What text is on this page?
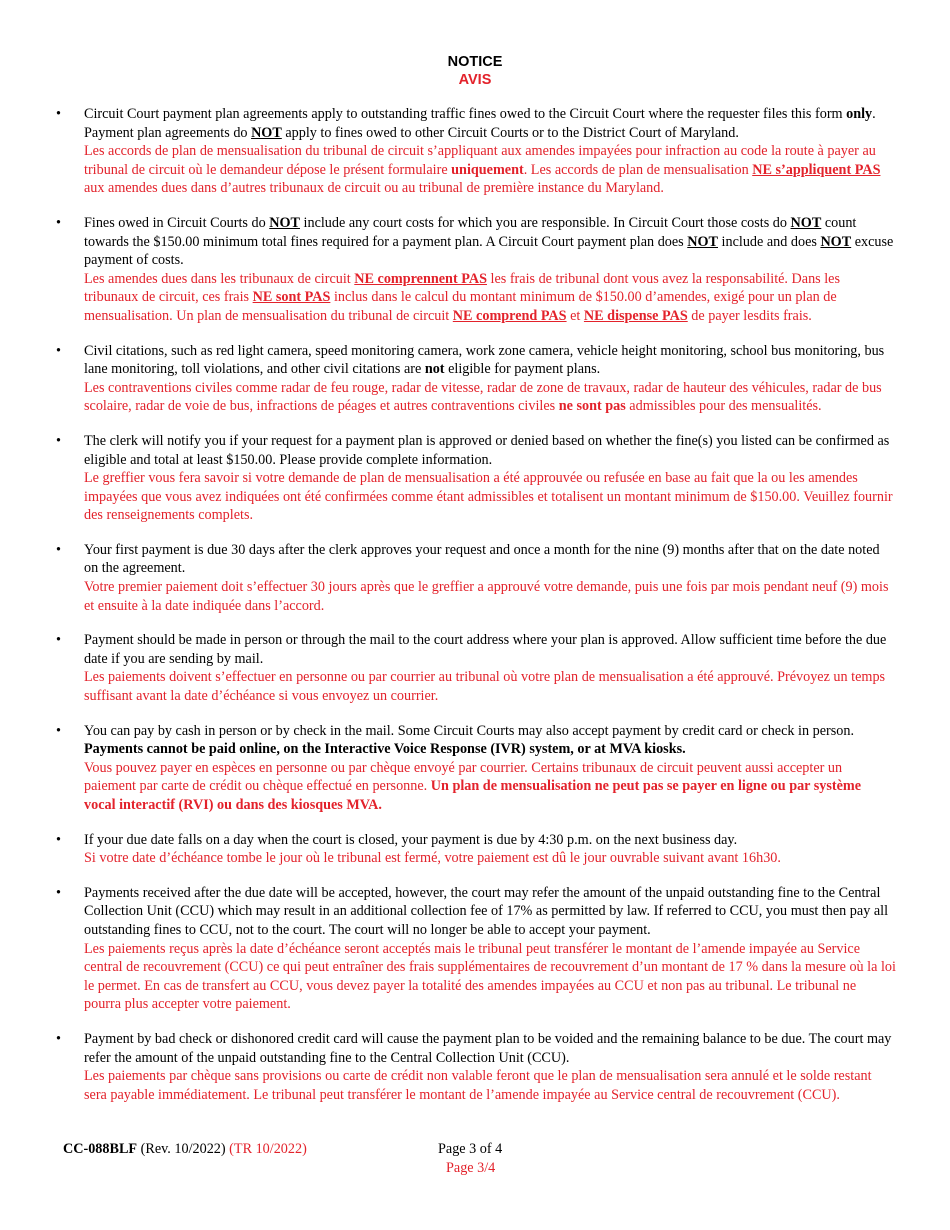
NOTICE
AVIS
• Circuit Court payment plan agreements apply to outstanding traffic fines owed to the Circuit Court where the requester files this form only. Payment plan agreements do NOT apply to fines owed to other Circuit Courts or to the District Court of Maryland.
Les accords de plan de mensualisation du tribunal de circuit s’appliquant aux amendes impayées pour infraction au code la route à payer au tribunal de circuit où le demandeur dépose le présent formulaire uniquement. Les accords de plan de mensualisation NE s’appliquent PAS aux amendes dues dans d’autres tribunaux de circuit ou au tribunal de première instance du Maryland.
• Fines owed in Circuit Courts do NOT include any court costs for which you are responsible. In Circuit Court those costs do NOT count towards the $150.00 minimum total fines required for a payment plan. A Circuit Court payment plan does NOT include and does NOT excuse payment of costs.
Les amendes dues dans les tribunaux de circuit NE comprennent PAS les frais de tribunal dont vous avez la responsabilité. Dans les tribunaux de circuit, ces frais NE sont PAS inclus dans le calcul du montant minimum de $150.00 d’amendes, exigé pour un plan de mensualisation. Un plan de mensualisation du tribunal de circuit NE comprend PAS et NE dispense PAS de payer lesdits frais.
• Civil citations, such as red light camera, speed monitoring camera, work zone camera, vehicle height monitoring, school bus monitoring, bus lane monitoring, toll violations, and other civil citations are not eligible for payment plans.
Les contraventions civiles comme radar de feu rouge, radar de vitesse, radar de zone de travaux, radar de hauteur des véhicules, radar de bus scolaire, radar de voie de bus, infractions de péages et autres contraventions civiles ne sont pas admissibles pour des mensualités.
• The clerk will notify you if your request for a payment plan is approved or denied based on whether the fine(s) you listed can be confirmed as eligible and total at least $150.00. Please provide complete information.
Le greffier vous fera savoir si votre demande de plan de mensualisation a été approuvée ou refusée en base au fait que la ou les amendes impayées que vous avez indiquées ont été confirmées comme étant admissibles et totalisent un montant minimum de $150.00. Veuillez fournir des renseignements complets.
• Your first payment is due 30 days after the clerk approves your request and once a month for the nine (9) months after that on the date noted on the agreement.
Votre premier paiement doit s’effectuer 30 jours après que le greffier a approuvé votre demande, puis une fois par mois pendant neuf (9) mois et ensuite à la date indiquée dans l’accord.
• Payment should be made in person or through the mail to the court address where your plan is approved. Allow sufficient time before the due date if you are sending by mail.
Les paiements doivent s’effectuer en personne ou par courrier au tribunal où votre plan de mensualisation a été approuvé. Prévoyez un temps suffisant avant la date d’échéance si vous envoyez un courrier.
• You can pay by cash in person or by check in the mail. Some Circuit Courts may also accept payment by credit card or check in person. Payments cannot be paid online, on the Interactive Voice Response (IVR) system, or at MVA kiosks.
Vous pouvez payer en espèces en personne ou par chèque envoyé par courrier. Certains tribunaux de circuit peuvent aussi accepter un paiement par carte de crédit ou chèque effectué en personne. Un plan de mensualisation ne peut pas se payer en ligne ou par système vocal interactif (RVI) ou dans des kiosques MVA.
• If your due date falls on a day when the court is closed, your payment is due by 4:30 p.m. on the next business day.
Si votre date d’échéance tombe le jour où le tribunal est fermé, votre paiement est dû le jour ouvrable suivant avant 16h30.
• Payments received after the due date will be accepted, however, the court may refer the amount of the unpaid outstanding fine to the Central Collection Unit (CCU) which may result in an additional collection fee of 17% as permitted by law. If referred to CCU, you must then pay all outstanding fines to CCU, not to the court. The court will no longer be able to accept your payment.
Les paiements reçus après la date d’échéance seront acceptés mais le tribunal peut transférer le montant de l’amende impayée au Service central de recouvrement (CCU) ce qui peut entraîner des frais supplémentaires de recouvrement d’un montant de 17 % dans la mesure où la loi le permet. En cas de transfert au CCU, vous devez payer la totalité des amendes impayées au CCU et non pas au tribunal. Le tribunal ne pourra plus accepter votre paiement.
• Payment by bad check or dishonored credit card will cause the payment plan to be voided and the remaining balance to be due. The court may refer the amount of the unpaid outstanding fine to the Central Collection Unit (CCU).
Les paiements par chèque sans provisions ou carte de crédit non valable feront que le plan de mensualisation sera annulé et le solde restant sera payable immédiatement. Le tribunal peut transférer le montant de l’amende impayée au Service central de recouvrement (CCU).
CC-088BLF (Rev. 10/2022) (TR 10/2022)	Page 3 of 4
Page 3/4
